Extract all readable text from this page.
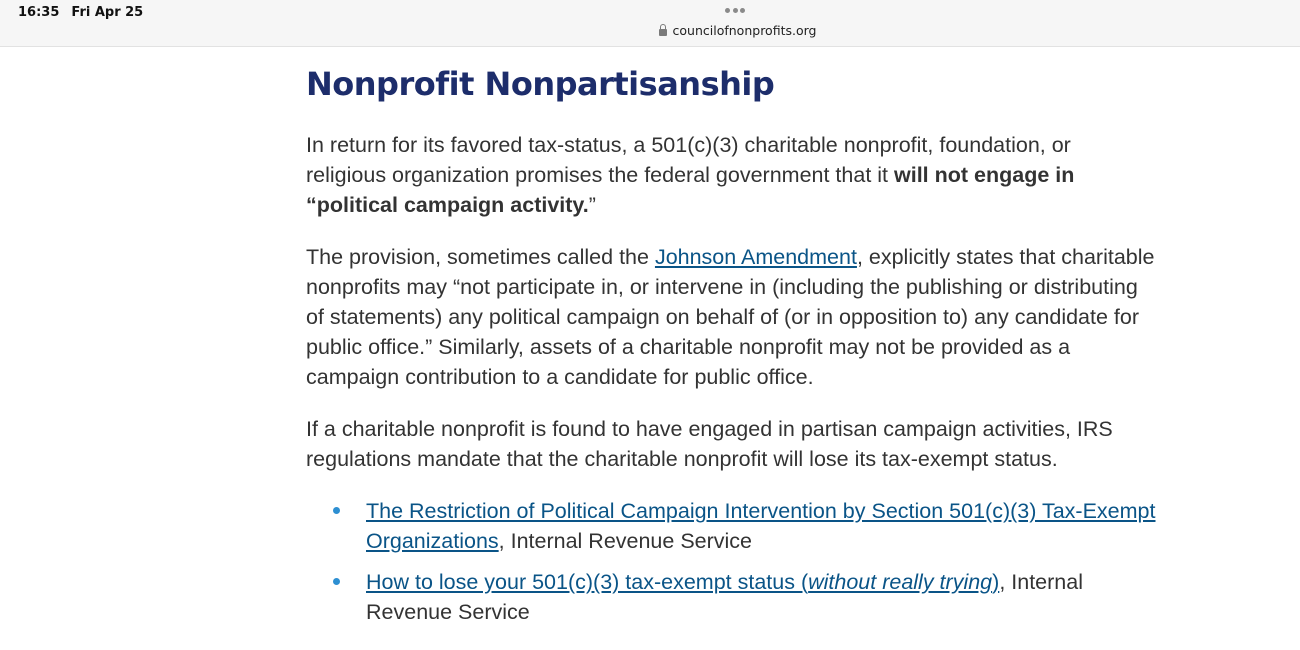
16:35 Fri Apr 25
councilofnonprofits.org
Nonprofit Nonpartisanship

In return for its favored tax-status, a 501(c)(3) charitable nonprofit, foundation, or religious organization promises the federal government that it will not engage in “political campaign activity.”

The provision, sometimes called the Johnson Amendment, explicitly states that charitable nonprofits may “not participate in, or intervene in (including the publishing or distributing of statements) any political campaign on behalf of (or in opposition to) any candidate for public office.” Similarly, assets of a charitable nonprofit may not be provided as a campaign contribution to a candidate for public office.

If a charitable nonprofit is found to have engaged in partisan campaign activities, IRS regulations mandate that the charitable nonprofit will lose its tax-exempt status.

The Restriction of Political Campaign Intervention by Section 501(c)(3) Tax-Exempt Organizations, Internal Revenue Service
How to lose your 501(c)(3) tax-exempt status (without really trying), Internal Revenue Service
